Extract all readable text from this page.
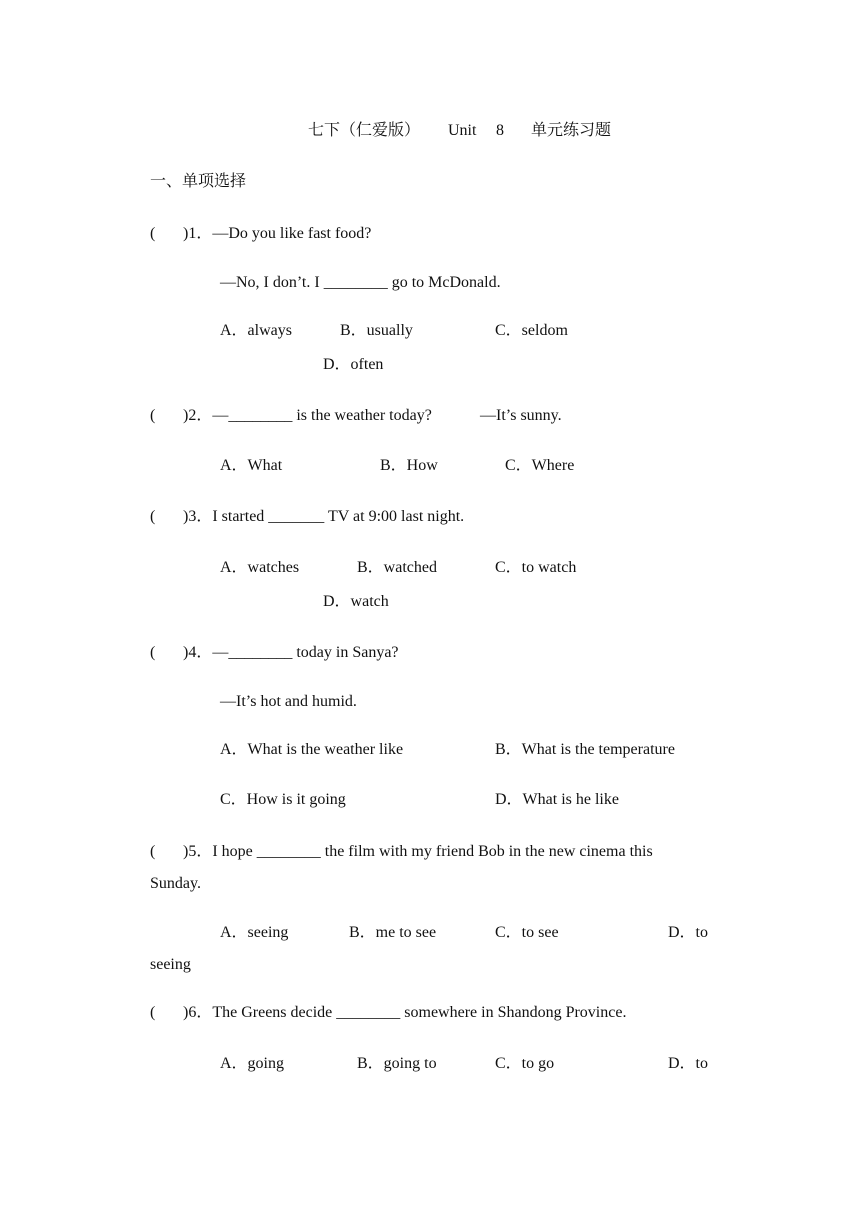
七下（仁爱版） Unit 8 单元练习题
一、单项选择
( )1．—Do you like fast food?
—No, I don’t. I ________ go to McDonald.
A．always	B．usually	C．seldom
D．often
( )2．—________ is the weather today?	—It’s sunny.
A．What	B．How	C．Where
( )3．I started _______ TV at 9:00 last night.
A．watches	B．watched	C．to watch
D．watch
( )4．—________ today in Sanya?
—It’s hot and humid.
A．What is the weather like	B．What is the temperature
C．How is it going	D．What is he like
( )5．I hope ________ the film with my friend Bob in the new cinema this
Sunday.
A．seeing	B．me to see	C．to see	D．to
seeing
( )6．The Greens decide ________ somewhere in Shandong Province.
A．going	B．going to	C．to go	D．to
